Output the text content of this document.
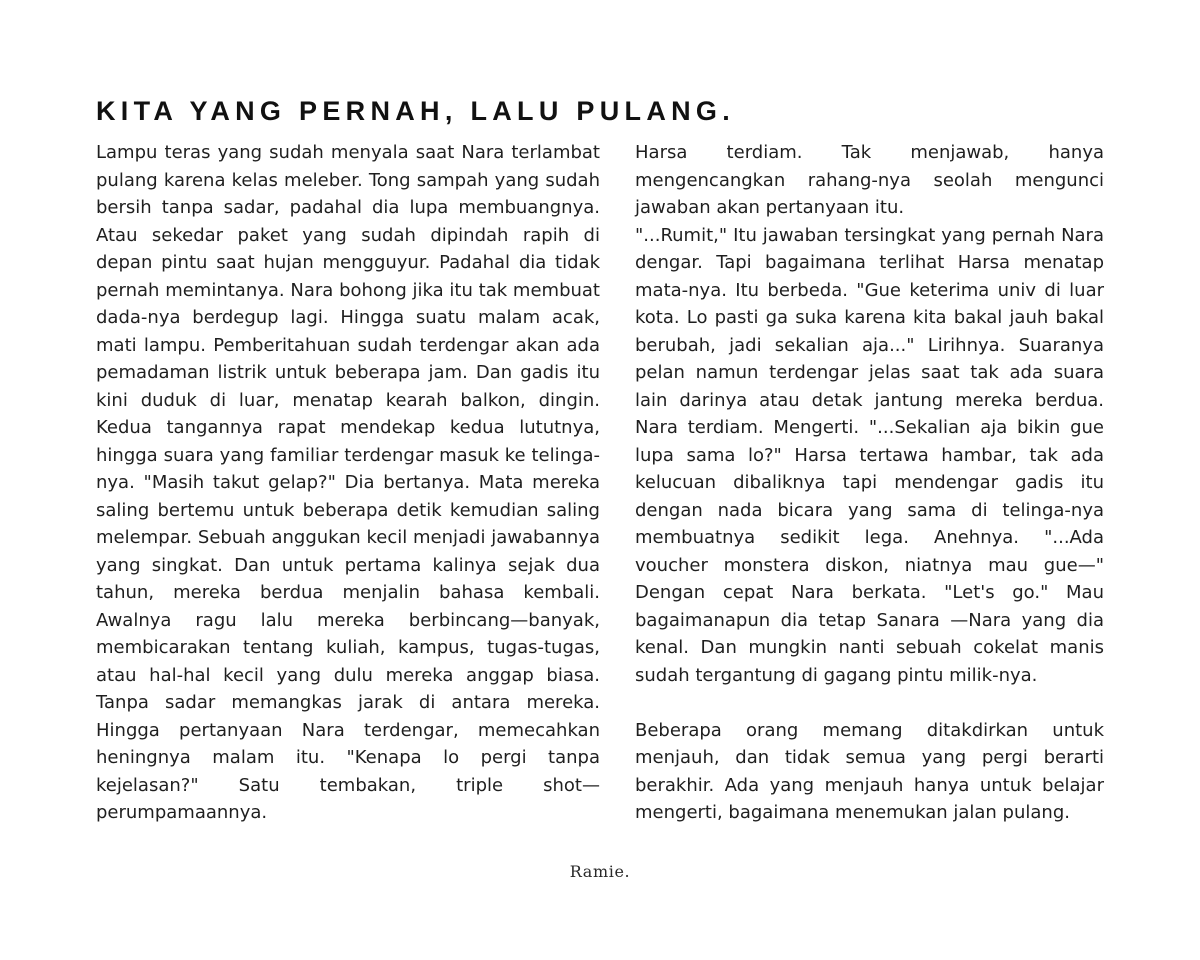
KITA YANG PERNAH, LALU PULANG.

Lampu teras yang sudah menyala saat Nara terlambat pulang karena kelas meleber. Tong sampah yang sudah bersih tanpa sadar, padahal dia lupa membuangnya. Atau sekedar paket yang sudah dipindah rapih di depan pintu saat hujan mengguyur. Padahal dia tidak pernah memintanya. Nara bohong jika itu tak membuat dada-nya berdegup lagi. Hingga suatu malam acak, mati lampu. Pemberitahuan sudah terdengar akan ada pemadaman listrik untuk beberapa jam. Dan gadis itu kini duduk di luar, menatap kearah balkon, dingin. Kedua tangannya rapat mendekap kedua lututnya, hingga suara yang familiar terdengar masuk ke telinga-nya. "Masih takut gelap?" Dia bertanya. Mata mereka saling bertemu untuk beberapa detik kemudian saling melempar. Sebuah anggukan kecil menjadi jawabannya yang singkat. Dan untuk pertama kalinya sejak dua tahun, mereka berdua menjalin bahasa kembali. Awalnya ragu lalu mereka berbincang—banyak, membicarakan tentang kuliah, kampus, tugas-tugas, atau hal-hal kecil yang dulu mereka anggap biasa. Tanpa sadar memangkas jarak di antara mereka. Hingga pertanyaan Nara terdengar, memecahkan heningnya malam itu. "Kenapa lo pergi tanpa kejelasan?" Satu tembakan, triple shot—perumpamaannya.

Harsa terdiam. Tak menjawab, hanya mengencangkan rahang-nya seolah mengunci jawaban akan pertanyaan itu.

"...Rumit," Itu jawaban tersingkat yang pernah Nara dengar. Tapi bagaimana terlihat Harsa menatap mata-nya. Itu berbeda. "Gue keterima univ di luar kota. Lo pasti ga suka karena kita bakal jauh bakal berubah, jadi sekalian aja..." Lirihnya. Suaranya pelan namun terdengar jelas saat tak ada suara lain darinya atau detak jantung mereka berdua. Nara terdiam. Mengerti. "...Sekalian aja bikin gue lupa sama lo?" Harsa tertawa hambar, tak ada kelucuan dibaliknya tapi mendengar gadis itu dengan nada bicara yang sama di telinga-nya membuatnya sedikit lega. Anehnya. "...Ada voucher monstera diskon, niatnya mau gue—" Dengan cepat Nara berkata. "Let's go." Mau bagaimanapun dia tetap Sanara —Nara yang dia kenal. Dan mungkin nanti sebuah cokelat manis sudah tergantung di gagang pintu milik-nya.

Beberapa orang memang ditakdirkan untuk menjauh, dan tidak semua yang pergi berarti berakhir. Ada yang menjauh hanya untuk belajar mengerti, bagaimana menemukan jalan pulang.

Ramie.
